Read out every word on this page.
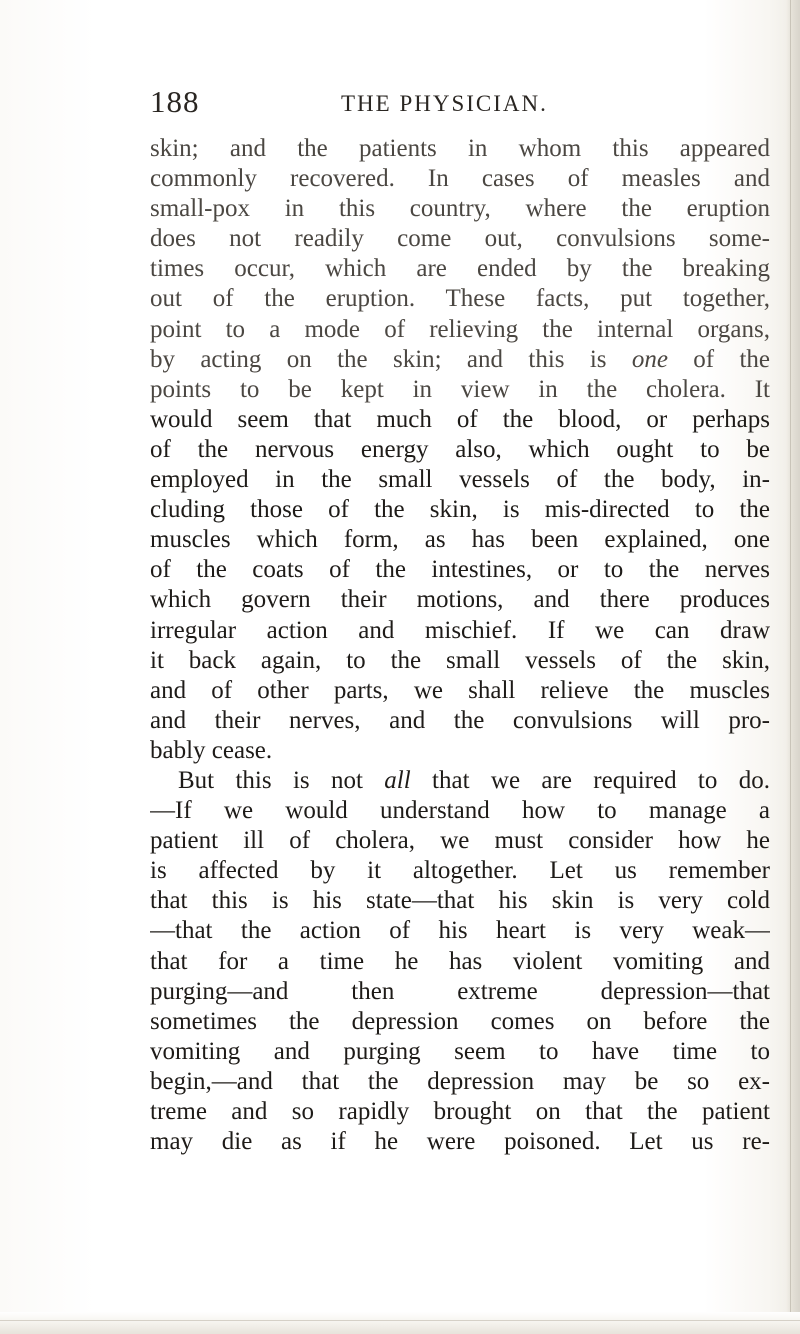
188	THE PHYSICIAN.
skin; and the patients in whom this appeared
commonly recovered. In cases of measles and
small-pox in this country, where the eruption
does not readily come out, convulsions some-
times occur, which are ended by the breaking
out of the eruption. These facts, put together,
point to a mode of relieving the internal organs,
by acting on the skin; and this is one of the
points to be kept in view in the cholera. It
would seem that much of the blood, or perhaps
of the nervous energy also, which ought to be
employed in the small vessels of the body, in-
cluding those of the skin, is mis-directed to the
muscles which form, as has been explained, one
of the coats of the intestines, or to the nerves
which govern their motions, and there produces
irregular action and mischief. If we can draw
it back again, to the small vessels of the skin,
and of other parts, we shall relieve the muscles
and their nerves, and the convulsions will pro-
bably cease.
But this is not all that we are required to do.
—If we would understand how to manage a
patient ill of cholera, we must consider how he
is affected by it altogether. Let us remember
that this is his state—that his skin is very cold
—that the action of his heart is very weak—
that for a time he has violent vomiting and
purging—and then extreme depression—that
sometimes the depression comes on before the
vomiting and purging seem to have time to
begin,—and that the depression may be so ex-
treme and so rapidly brought on that the patient
may die as if he were poisoned. Let us re-
